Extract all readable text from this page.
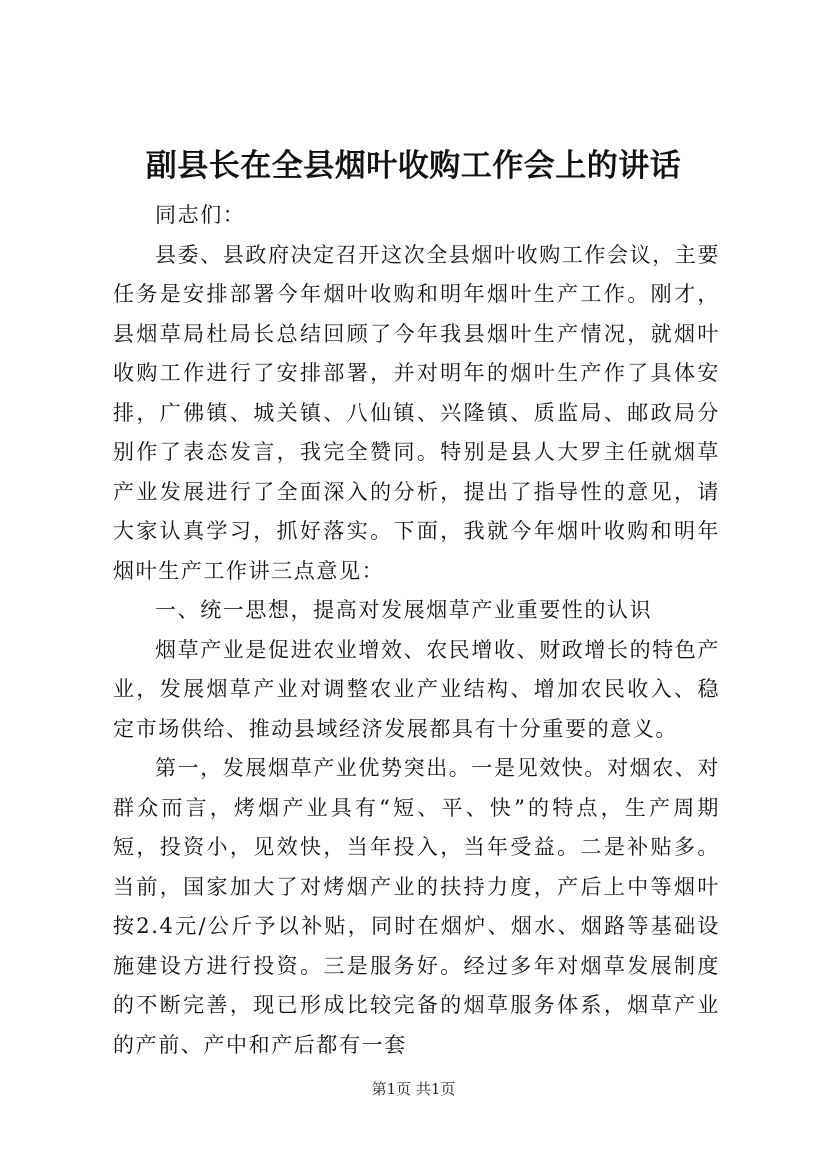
副县长在全县烟叶收购工作会上的讲话

同志们：

县委、县政府决定召开这次全县烟叶收购工作会议，主要任务是安排部署今年烟叶收购和明年烟叶生产工作。刚才，县烟草局杜局长总结回顾了今年我县烟叶生产情况，就烟叶收购工作进行了安排部署，并对明年的烟叶生产作了具体安排，广佛镇、城关镇、八仙镇、兴隆镇、质监局、邮政局分别作了表态发言，我完全赞同。特别是县人大罗主任就烟草产业发展进行了全面深入的分析，提出了指导性的意见，请大家认真学习，抓好落实。下面，我就今年烟叶收购和明年烟叶生产工作讲三点意见：

一、统一思想，提高对发展烟草产业重要性的认识

烟草产业是促进农业增效、农民增收、财政增长的特色产业，发展烟草产业对调整农业产业结构、增加农民收入、稳定市场供给、推动县域经济发展都具有十分重要的意义。

第一，发展烟草产业优势突出。一是见效快。对烟农、对群众而言，烤烟产业具有“短、平、快”的特点，生产周期短，投资小，见效快，当年投入，当年受益。二是补贴多。当前，国家加大了对烤烟产业的扶持力度，产后上中等烟叶按2.4元/公斤予以补贴，同时在烟炉、烟水、烟路等基础设施建设方进行投资。三是服务好。经过多年对烟草发展制度的不断完善，现已形成比较完备的烟草服务体系，烟草产业的产前、产中和产后都有一套

第1页 共1页
